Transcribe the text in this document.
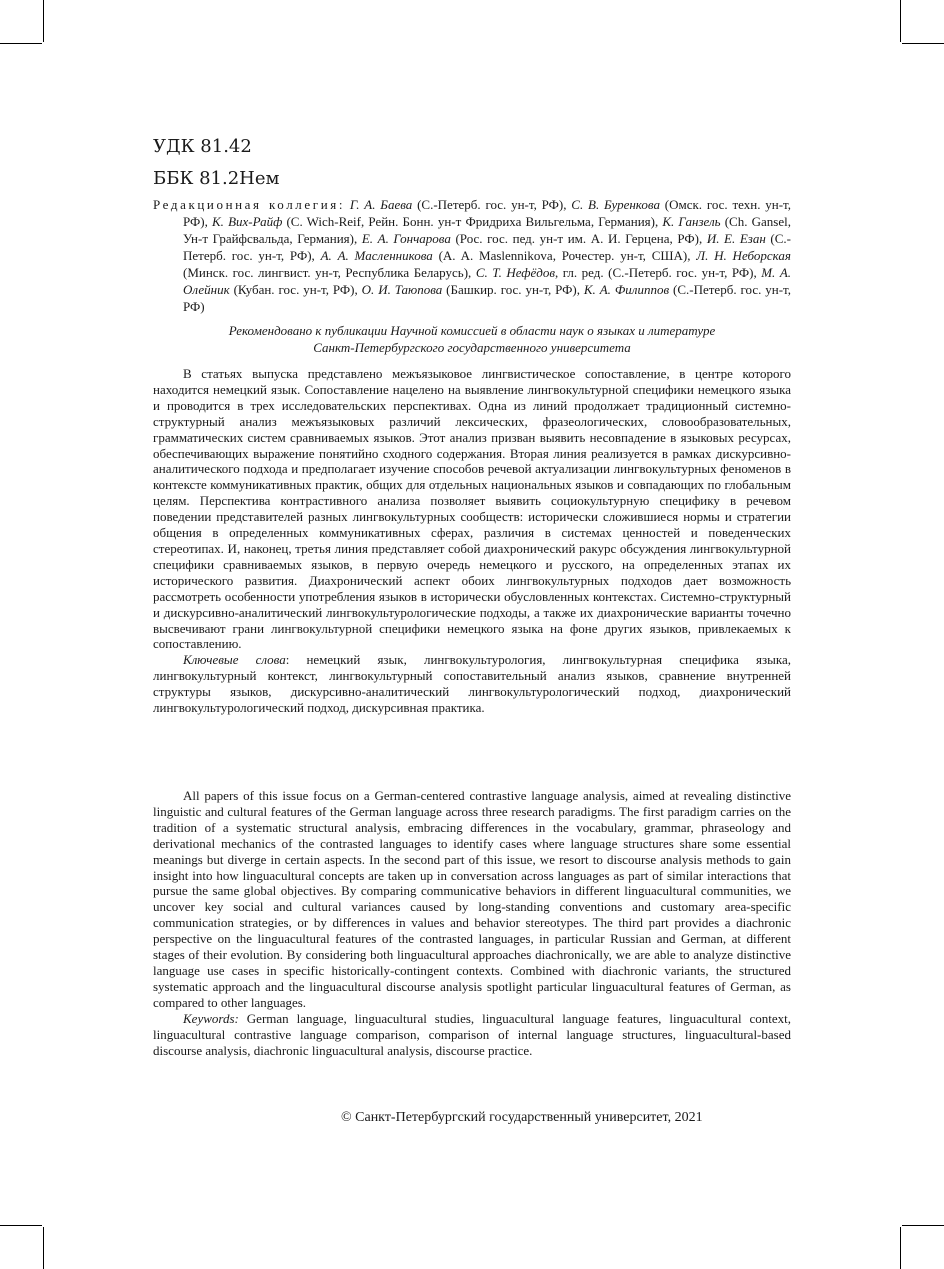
УДК 81.42
ББК 81.2Нем

Редакционная коллегия: Г. А. Баева (С.-Петерб. гос. ун-т, РФ), С. В. Буренкова (Омск. гос. техн. ун-т, РФ), К. Вих-Райф (C. Wich-Reif, Рейн. Бонн. ун-т Фридриха Вильгельма, Германия), К. Ганзель (Ch. Gansel, Ун-т Грайфсвальда, Германия), Е. А. Гончарова (Рос. гос. пед. ун-т им. А. И. Герцена, РФ), И. Е. Езан (С.-Петерб. гос. ун-т, РФ), А. А. Масленникова (A. A. Maslennikova, Рочестер. ун-т, США), Л. Н. Неборская (Минск. гос. лингвист. ун-т, Республика Беларусь), С. Т. Нефёдов, гл. ред. (С.-Петерб. гос. ун-т, РФ), М. А. Олейник (Кубан. гос. ун-т, РФ), О. И. Таюпова (Башкир. гос. ун-т, РФ), К. А. Филиппов (С.-Петерб. гос. ун-т, РФ)

Рекомендовано к публикации Научной комиссией в области наук о языках и литературе
Санкт-Петербургского государственного университета

В статьях выпуска представлено межъязыковое лингвистическое сопоставление, в центре которого находится немецкий язык. Сопоставление нацелено на выявление лингвокультурной специфики немецкого языка и проводится в трех исследовательских перспективах. Одна из линий продолжает традиционный системно-структурный анализ межъязыковых различий лексических, фразеологических, словообразовательных, грамматических систем сравниваемых языков. Этот анализ призван выявить несовпадение в языковых ресурсах, обеспечивающих выражение понятийно сходного содержания. Вторая линия реализуется в рамках дискурсивно-аналитического подхода и предполагает изучение способов речевой актуализации лингвокультурных феноменов в контексте коммуникативных практик, общих для отдельных национальных языков и совпадающих по глобальным целям. Перспектива контрастивного анализа позволяет выявить социокультурную специфику в речевом поведении представителей разных лингвокультурных сообществ: исторически сложившиеся нормы и стратегии общения в определенных коммуникативных сферах, различия в системах ценностей и поведенческих стереотипах. И, наконец, третья линия представляет собой диахронический ракурс обсуждения лингвокультурной специфики сравниваемых языков, в первую очередь немецкого и русского, на определенных этапах их исторического развития. Диахронический аспект обоих лингвокультурных подходов дает возможность рассмотреть особенности употребления языков в исторически обусловленных контекстах. Системно-структурный и дискурсивно-аналитический лингвокультурологические подходы, а также их диахронические варианты точечно высвечивают грани лингвокультурной специфики немецкого языка на фоне других языков, привлекаемых к сопоставлению.

Ключевые слова: немецкий язык, лингвокультурология, лингвокультурная специфика языка, лингвокультурный контекст, лингвокультурный сопоставительный анализ языков, сравнение внутренней структуры языков, дискурсивно-аналитический лингвокультурологический подход, диахронический лингвокультурологический подход, дискурсивная практика.

All papers of this issue focus on a German-centered contrastive language analysis, aimed at revealing distinctive linguistic and cultural features of the German language across three research paradigms. The first paradigm carries on the tradition of a systematic structural analysis, embracing differences in the vocabulary, grammar, phraseology and derivational mechanics of the contrasted languages to identify cases where language structures share some essential meanings but diverge in certain aspects. In the second part of this issue, we resort to discourse analysis methods to gain insight into how linguacultural concepts are taken up in conversation across languages as part of similar interactions that pursue the same global objectives. By comparing communicative behaviors in different linguacultural communities, we uncover key social and cultural variances caused by long-standing conventions and customary area-specific communication strategies, or by differences in values and behavior stereotypes. The third part provides a diachronic perspective on the linguacultural features of the contrasted languages, in particular Russian and German, at different stages of their evolution. By considering both linguacultural approaches diachronically, we are able to analyze distinctive language use cases in specific historically-contingent contexts. Combined with diachronic variants, the structured systematic approach and the linguacultural discourse analysis spotlight particular linguacultural features of German, as compared to other languages.

Keywords: German language, linguacultural studies, linguacultural language features, linguacultural context, linguacultural contrastive language comparison, comparison of internal language structures, linguacultural-based discourse analysis, diachronic linguacultural analysis, discourse practice.

© Санкт-Петербургский государственный университет, 2021
